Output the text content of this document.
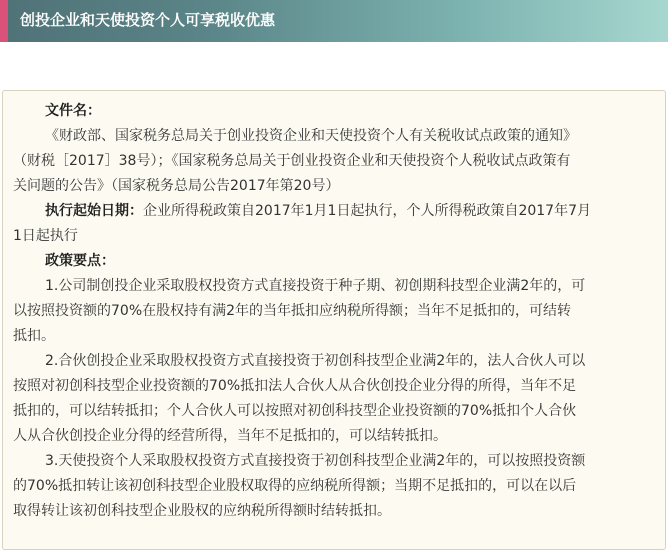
创投企业和天使投资个人可享税收优惠
文件名：
《财政部、国家税务总局关于创业投资企业和天使投资个人有关税收试点政策的通知》
（财税［2017］38号）；《国家税务总局关于创业投资企业和天使投资个人税收试点政策有
关问题的公告》（国家税务总局公告2017年第20号）
执行起始日期：企业所得税政策自2017年1月1日起执行，个人所得税政策自2017年7月
1日起执行
政策要点：
1.公司制创投企业采取股权投资方式直接投资于种子期、初创期科技型企业满2年的，可
以按照投资额的70%在股权持有满2年的当年抵扣应纳税所得额；当年不足抵扣的，可结转
抵扣。
2.合伙创投企业采取股权投资方式直接投资于初创科技型企业满2年的，法人合伙人可以
按照对初创科技型企业投资额的70%抵扣法人合伙人从合伙创投企业分得的所得，当年不足
抵扣的，可以结转抵扣；个人合伙人可以按照对初创科技型企业投资额的70%抵扣个人合伙
人从合伙创投企业分得的经营所得，当年不足抵扣的，可以结转抵扣。
3.天使投资个人采取股权投资方式直接投资于初创科技型企业满2年的，可以按照投资额
的70%抵扣转让该初创科技型企业股权取得的应纳税所得额；当期不足抵扣的，可以在以后
取得转让该初创科技型企业股权的应纳税所得额时结转抵扣。
